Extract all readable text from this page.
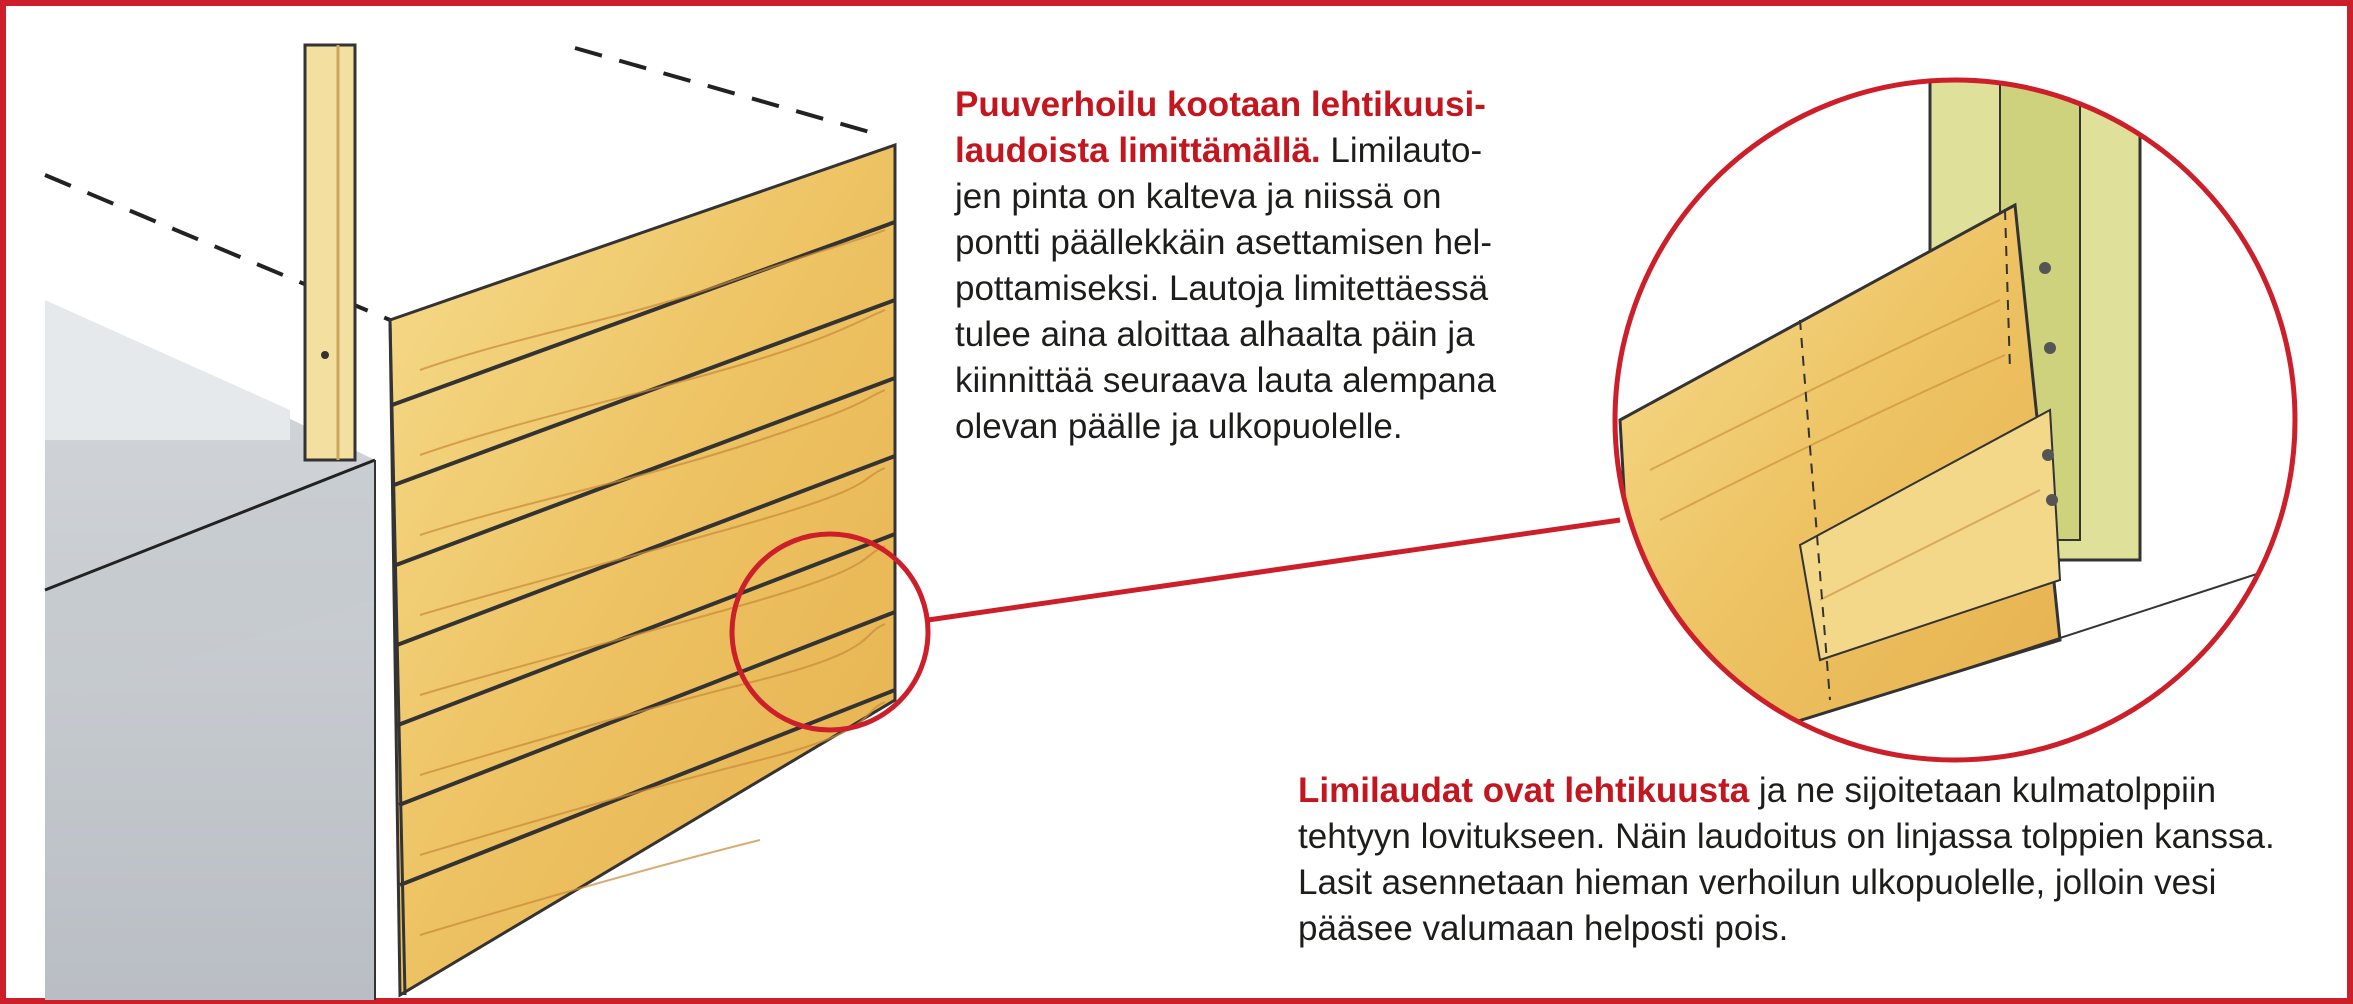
Puuverhoilu kootaan lehtikuusi-
laudoista limittämällä. Limilauto-
jen pinta on kalteva ja niissä on
pontti päällekkäin asettamisen hel-
pottamiseksi. Lautoja limitettäessä
tulee aina aloittaa alhaalta päin ja
kiinnittää seuraava lauta alempana
olevan päälle ja ulkopuolelle.
Limilaudat ovat lehtikuusta ja ne sijoitetaan kulmatolppiin
tehtyyn lovitukseen. Näin laudoitus on linjassa tolppien kanssa.
Lasit asennetaan hieman verhoilun ulkopuolelle, jolloin vesi
pääsee valumaan helposti pois.
